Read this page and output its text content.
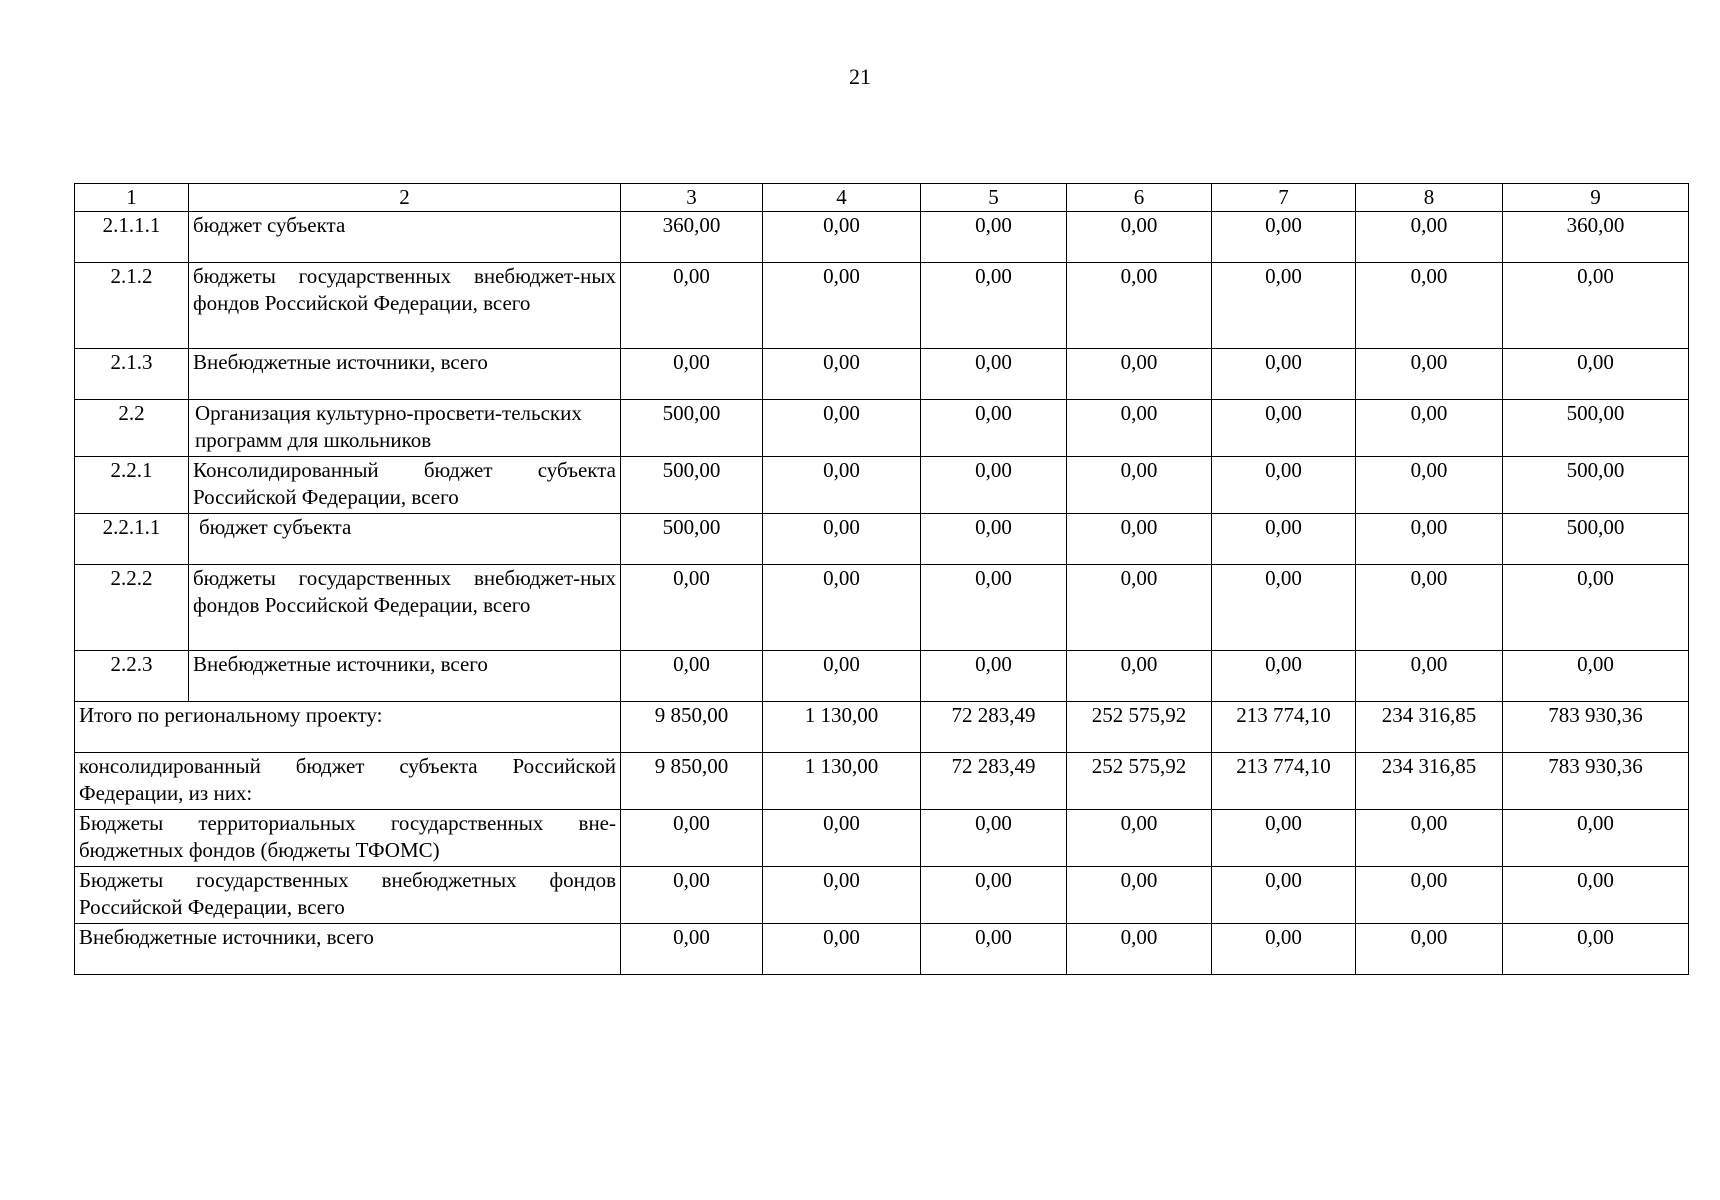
21
1	2	3	4	5	6	7	8	9
2.1.1.1	бюджет субъекта	360,00	0,00	0,00	0,00	0,00	0,00	360,00
2.1.2	бюджеты государственных внебюджет-ных фондов Российской Федерации, всего	0,00	0,00	0,00	0,00	0,00	0,00	0,00
2.1.3	Внебюджетные источники, всего	0,00	0,00	0,00	0,00	0,00	0,00	0,00
2.2	Организация культурно-просвети-тельских программ для школьников	500,00	0,00	0,00	0,00	0,00	0,00	500,00
2.2.1	Консолидированный бюджет субъекта Российской Федерации, всего	500,00	0,00	0,00	0,00	0,00	0,00	500,00
2.2.1.1	бюджет субъекта	500,00	0,00	0,00	0,00	0,00	0,00	500,00
2.2.2	бюджеты государственных внебюджет-ных фондов Российской Федерации, всего	0,00	0,00	0,00	0,00	0,00	0,00	0,00
2.2.3	Внебюджетные источники, всего	0,00	0,00	0,00	0,00	0,00	0,00	0,00
Итого по региональному проекту:		9 850,00	1 130,00	72 283,49	252 575,92	213 774,10	234 316,85	783 930,36
консолидированный бюджет субъекта Российской Федерации, из них:		9 850,00	1 130,00	72 283,49	252 575,92	213 774,10	234 316,85	783 930,36
Бюджеты территориальных государственных вне-бюджетных фондов (бюджеты ТФОМС)		0,00	0,00	0,00	0,00	0,00	0,00	0,00
Бюджеты государственных внебюджетных фондов Российской Федерации, всего		0,00	0,00	0,00	0,00	0,00	0,00	0,00
Внебюджетные источники, всего		0,00	0,00	0,00	0,00	0,00	0,00	0,00
